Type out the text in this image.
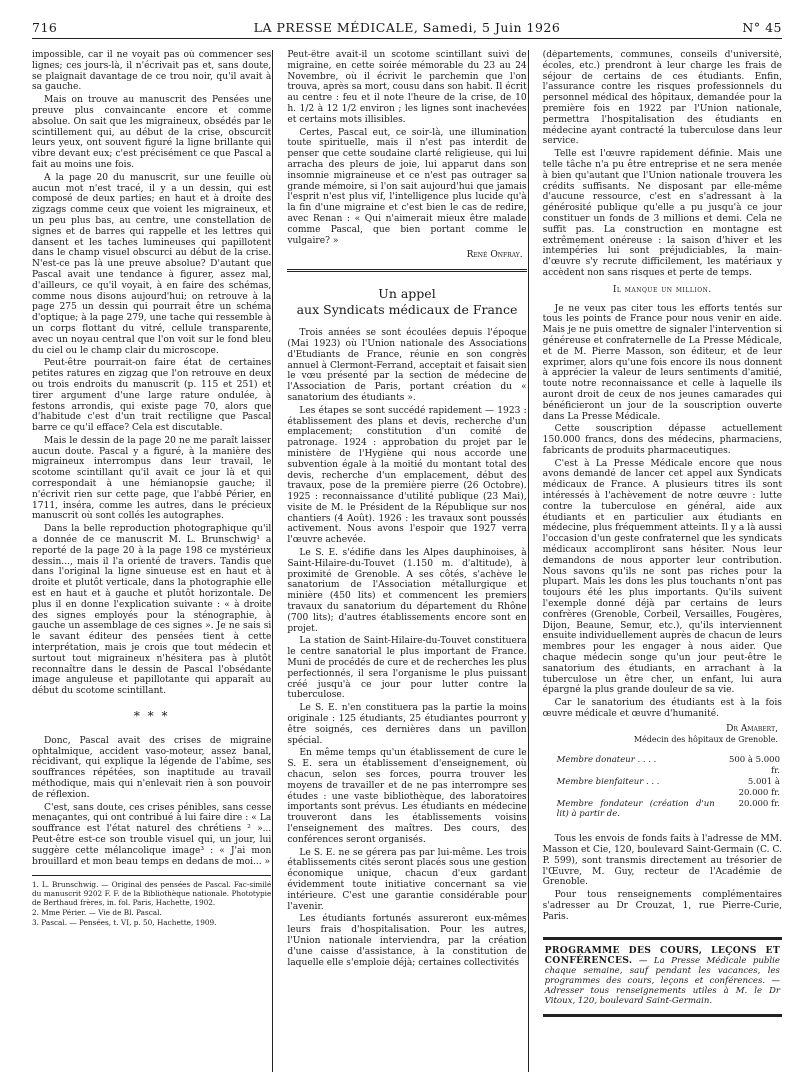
716	LA PRESSE MÉDICALE, Samedi, 5 Juin 1926	N° 45

impossible, car il ne voyait pas où commencer ses lignes; ces jours-là, il n'écrivait pas et, sans doute, se plaignait davantage de ce trou noir, qu'il avait à sa gauche.

Mais on trouve au manuscrit des Pensées une preuve plus convaincante encore et comme absolue. On sait que les migraineux, obsédés par le scintillement qui, au début de la crise, obscurcit leurs yeux, ont souvent figuré la ligne brillante qui vibre devant eux; c'est précisément ce que Pascal a fait au moins une fois.

A la page 20 du manuscrit, sur une feuille où aucun mot n'est tracé, il y a un dessin, qui est composé de deux parties; en haut et à droite des zigzags comme ceux que voient les migraineux, et un peu plus bas, au centre, une constellation de signes et de barres qui rappelle et les lettres qui dansent et les taches lumineuses qui papillotent dans le champ visuel obscurci au début de la crise. N'est-ce pas là une preuve absolue? D'autant que Pascal avait une tendance à figurer, assez mal, d'ailleurs, ce qu'il voyait, à en faire des schémas, comme nous disons aujourd'hui; on retrouve à la page 275 un dessin qui pourrait être un schéma d'optique; à la page 279, une tache qui ressemble à un corps flottant du vitré, cellule transparente, avec un noyau central que l'on voit sur le fond bleu du ciel ou le champ clair du microscope.

Peut-être pourrait-on faire état de certaines petites ratures en zigzag que l'on retrouve en deux ou trois endroits du manuscrit (p. 115 et 251) et tirer argument d'une large rature ondulée, à festons arrondis, qui existe page 70, alors que d'habitude c'est d'un trait rectiligne que Pascal barre ce qu'il efface? Cela est discutable.

Mais le dessin de la page 20 ne me paraît laisser aucun doute. Pascal y a figuré, à la manière des migraineux interrompus dans leur travail, le scotome scintillant qu'il avait ce jour là et qui correspondait à une hémianopsie gauche; il n'écrivit rien sur cette page, que l'abbé Périer, en 1711, inséra, comme les autres, dans le précieux manuscrit où sont collés les autographes.

Dans la belle reproduction photographique qu'il a donnée de ce manuscrit M. L. Brunschwig¹ a reporté de la page 20 à la page 198 ce mystérieux dessin..., mais il l'a orienté de travers. Tandis que dans l'original la ligne sinueuse est en haut et à droite et plutôt verticale, dans la photographie elle est en haut et à gauche et plutôt horizontale. De plus il en donne l'explication suivante : « à droite des signes employés pour la sténographie, à gauche un assemblage de ces signes ». Je ne sais si le savant éditeur des pensées tient à cette interprétation, mais je crois que tout médecin et surtout tout migraineux n'hésitera pas à plutôt reconnaître dans le dessin de Pascal l'obsédante image anguleuse et papillotante qui apparaît au début du scotome scintillant.

* * *

Donc, Pascal avait des crises de migraine ophtalmique, accident vaso-moteur, assez banal, récidivant, qui explique la légende de l'abîme, ses souffrances répétées, son inaptitude au travail méthodique, mais qui n'enlevait rien à son pouvoir de réflexion.

C'est, sans doute, ces crises pénibles, sans cesse menaçantes, qui ont contribué à lui faire dire : « La souffrance est l'état naturel des chrétiens ² »... Peut-être est-ce son trouble visuel qui, un jour, lui suggère cette mélancolique image³ : « J'ai mon brouillard et mon beau temps en dedans de moi... »

1. L. Brunschwig. — Original des pensées de Pascal. Fac-similé du manuscrit 9202 F. F. de la Bibliothèque nationale. Phototypie de Berthaud frères, in. fol. Paris, Hachette, 1902.
2. Mme Périer. — Vie de Bl. Pascal.
3. Pascal. — Pensées, t. VI, p. 50, Hachette, 1909.

Peut-être avait-il un scotome scintillant suivi de migraine, en cette soirée mémorable du 23 au 24 Novembre, où il écrivit le parchemin que l'on trouva, après sa mort, cousu dans son habit. Il écrit au centre : feu et il note l'heure de la crise, de 10 h. 1/2 à 12 1/2 environ ; les lignes sont inachevées et certains mots illisibles.

Certes, Pascal eut, ce soir-là, une illumination toute spirituelle, mais il n'est pas interdit de penser que cette soudaine clarté religieuse, qui lui arracha des pleurs de joie, lui apparut dans son insomnie migraineuse et ce n'est pas outrager sa grande mémoire, si l'on sait aujourd'hui que jamais l'esprit n'est plus vif, l'intelligence plus lucide qu'à la fin d'une migraine et c'est bien le cas de redire, avec Renan : « Qui n'aimerait mieux être malade comme Pascal, que bien portant comme le vulgaire? »

René Onfray.
Un appel
aux Syndicats médicaux de France

Trois années se sont écoulées depuis l'époque (Mai 1923) où l'Union nationale des Associations d'Etudiants de France, réunie en son congrès annuel à Clermont-Ferrand, acceptait et faisait sien le vœu présenté par la section de médecine de l'Association de Paris, portant création du « sanatorium des étudiants ».

Les étapes se sont succédé rapidement — 1923 : établissement des plans et devis, recherche d'un emplacement; constitution d'un comité de patronage. 1924 : approbation du projet par le ministère de l'Hygiène qui nous accorde une subvention égale à la moitié du montant total des devis, recherche d'un emplacement, début des travaux, pose de la première pierre (26 Octobre). 1925 : reconnaissance d'utilité publique (23 Mai), visite de M. le Président de la République sur nos chantiers (4 Août). 1926 : les travaux sont poussés activement. Nous avons l'espoir que 1927 verra l'œuvre achevée.

Le S. E. s'édifie dans les Alpes dauphinoises, à Saint-Hilaire-du-Touvet (1.150 m. d'altitude), à proximité de Grenoble. A ses côtés, s'achève le sanatorium de l'Association métallurgique et minière (450 lits) et commencent les premiers travaux du sanatorium du département du Rhône (700 lits); d'autres établissements encore sont en projet.

La station de Saint-Hilaire-du-Touvet constituera le centre sanatorial le plus important de France. Muni de procédés de cure et de recherches les plus perfectionnés, il sera l'organisme le plus puissant créé jusqu'à ce jour pour lutter contre la tuberculose.

Le S. E. n'en constituera pas la partie la moins originale : 125 étudiants, 25 étudiantes pourront y être soignés, ces dernières dans un pavillon spécial.

En même temps qu'un établissement de cure le S. E. sera un établissement d'enseignement, où chacun, selon ses forces, pourra trouver les moyens de travailler et de ne pas interrompre ses études : une vaste bibliothèque, des laboratoires importants sont prévus. Les étudiants en médecine trouveront dans les établissements voisins l'enseignement des maîtres. Des cours, des conférences seront organisés.

Le S. E. ne se gérera pas par lui-même. Les trois établissements cités seront placés sous une gestion économique unique, chacun d'eux gardant évidemment toute initiative concernant sa vie intérieure. C'est une garantie considérable pour l'avenir.

Les étudiants fortunés assureront eux-mêmes leurs frais d'hospitalisation. Pour les autres, l'Union nationale interviendra, par la création d'une caisse d'assistance, à la constitution de laquelle elle s'emploie déjà; certaines collectivités

(départements, communes, conseils d'université, écoles, etc.) prendront à leur charge les frais de séjour de certains de ces étudiants. Enfin, l'assurance contre les risques professionnels du personnel médical des hôpitaux, demandée pour la première fois en 1922 par l'Union nationale, permettra l'hospitalisation des étudiants en médecine ayant contracté la tuberculose dans leur service.

Telle est l'œuvre rapidement définie. Mais une telle tâche n'a pu être entreprise et ne sera menée à bien qu'autant que l'Union nationale trouvera les crédits suffisants. Ne disposant par elle-même d'aucune ressource, c'est en s'adressant à la générosité publique qu'elle a pu jusqu'à ce jour constituer un fonds de 3 millions et demi. Cela ne suffit pas. La construction en montagne est extrêmement onéreuse : la saison d'hiver et les intempéries lui sont préjudiciables, la main-d'œuvre s'y recrute difficilement, les matériaux y accèdent non sans risques et perte de temps.

Il manque un million.

Je ne veux pas citer tous les efforts tentés sur tous les points de France pour nous venir en aide. Mais je ne puis omettre de signaler l'intervention si généreuse et confraternelle de La Presse Médicale, et de M. Pierre Masson, son éditeur, et de leur exprimer, alors qu'une fois encore ils nous donnent à apprécier la valeur de leurs sentiments d'amitié, toute notre reconnaissance et celle à laquelle ils auront droit de ceux de nos jeunes camarades qui bénéficieront un jour de la souscription ouverte dans La Presse Médicale.

Cette souscription dépasse actuellement 150.000 francs, dons des médecins, pharmaciens, fabricants de produits pharmaceutiques.

C'est à La Presse Médicale encore que nous avons demandé de lancer cet appel aux Syndicats médicaux de France. A plusieurs titres ils sont intéressés à l'achèvement de notre œuvre : lutte contre la tuberculose en général, aide aux étudiants et en particulier aux étudiants en médecine, plus fréquemment atteints. Il y a là aussi l'occasion d'un geste confraternel que les syndicats médicaux accompliront sans hésiter. Nous leur demandons de nous apporter leur contribution. Nous savons qu'ils ne sont pas riches pour la plupart. Mais les dons les plus touchants n'ont pas toujours été les plus importants. Qu'ils suivent l'exemple donné déjà par certains de leurs confrères (Grenoble, Corbeil, Versailles, Fougères, Dijon, Beaune, Semur, etc.), qu'ils interviennent ensuite individuellement auprès de chacun de leurs membres pour les engager à nous aider. Que chaque médecin songe qu'un jour peut-être le sanatorium des étudiants, en arrachant à la tuberculose un être cher, un enfant, lui aura épargné la plus grande douleur de sa vie.

Car le sanatorium des étudiants est à la fois œuvre médicale et œuvre d'humanité.

Dr Amabert,
Médecin des hôpitaux de Grenoble.
Membre donateur . . . .	500 à 5.000 fr.
Membre bienfaiteur . . .	5.001 à 20.000 fr.
Membre fondateur (création d'un lit) à partir de.	20.000 fr.

Tous les envois de fonds faits à l'adresse de MM. Masson et Cie, 120, boulevard Saint-Germain (C. C. P. 599), sont transmis directement au trésorier de l'Œuvre, M. Guy, recteur de l'Académie de Grenoble.

Pour tous renseignements complémentaires s'adresser au Dr Crouzat, 1, rue Pierre-Curie, Paris.

PROGRAMME DES COURS, LEÇONS ET CONFÉRENCES. — La Presse Médicale publie chaque semaine, sauf pendant les vacances, les programmes des cours, leçons et conférences. — Adresser tous renseignements utiles à M. le Dr Vitoux, 120, boulevard Saint-Germain.
